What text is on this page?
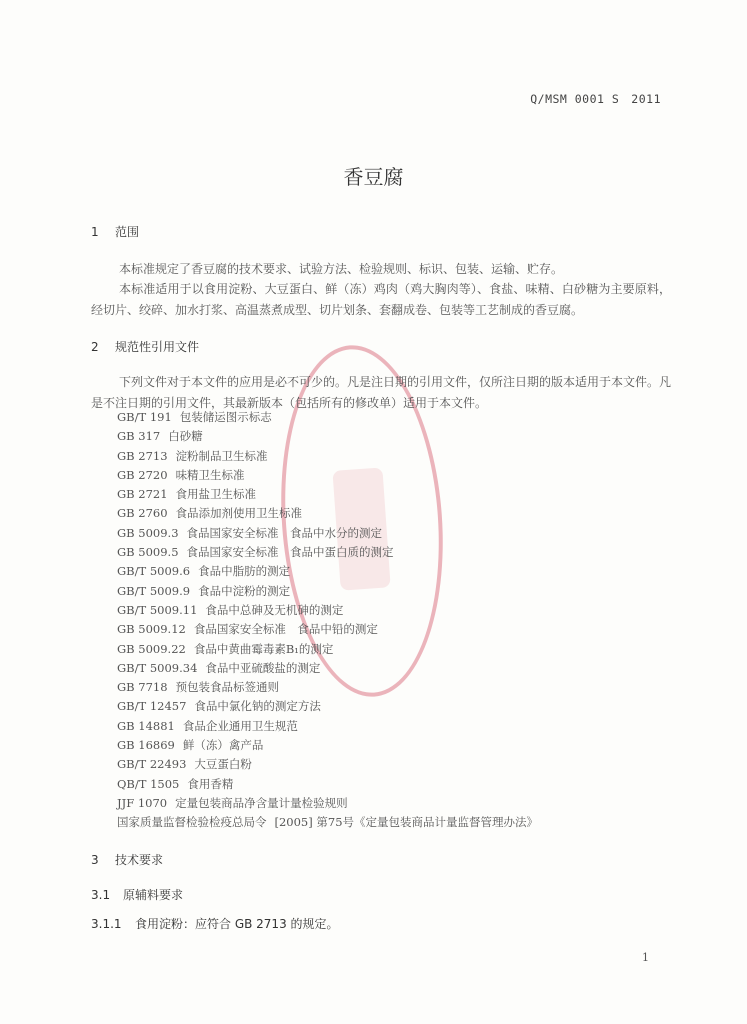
Q/MSM 0001 S　2011
香豆腐
1 范围
本标准规定了香豆腐的技术要求、试验方法、检验规则、标识、包装、运输、贮存。
本标准适用于以食用淀粉、大豆蛋白、鲜（冻）鸡肉（鸡大胸肉等）、食盐、味精、白砂糖为主要原料，经切片、绞碎、加水打浆、高温蒸煮成型、切片划条、套翻成卷、包装等工艺制成的香豆腐。
2 规范性引用文件
下列文件对于本文件的应用是必不可少的。凡是注日期的引用文件，仅所注日期的版本适用于本文件。凡是不注日期的引用文件，其最新版本（包括所有的修改单）适用于本文件。
GB/T 191 包装储运图示标志
GB 317 白砂糖
GB 2713 淀粉制品卫生标准
GB 2720 味精卫生标准
GB 2721 食用盐卫生标准
GB 2760 食品添加剂使用卫生标准
GB 5009.3 食品国家安全标准　食品中水分的测定
GB 5009.5 食品国家安全标准　食品中蛋白质的测定
GB/T 5009.6 食品中脂肪的测定
GB/T 5009.9 食品中淀粉的测定
GB/T 5009.11 食品中总砷及无机砷的测定
GB 5009.12 食品国家安全标准　食品中铅的测定
GB 5009.22 食品中黄曲霉毒素B₁的测定
GB/T 5009.34 食品中亚硫酸盐的测定
GB 7718 预包装食品标签通则
GB/T 12457 食品中氯化钠的测定方法
GB 14881 食品企业通用卫生规范
GB 16869 鲜（冻）禽产品
GB/T 22493 大豆蛋白粉
QB/T 1505 食用香精
JJF 1070 定量包装商品净含量计量检验规则
国家质量监督检验检疫总局令 [2005] 第75号《定量包装商品计量监督管理办法》
3 技术要求
3.1 原辅料要求
3.1.1 食用淀粉：应符合 GB 2713 的规定。
1
